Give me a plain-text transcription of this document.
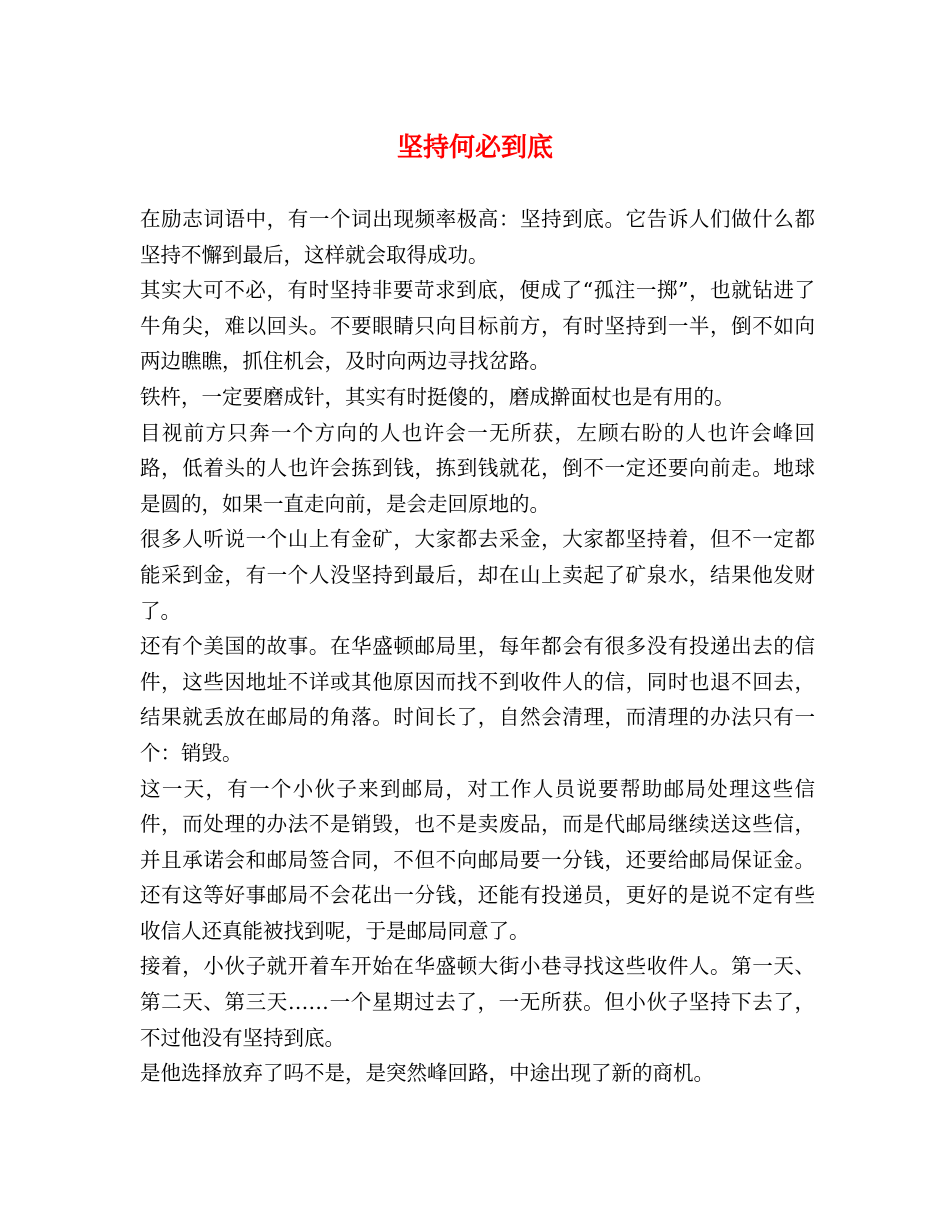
坚持何必到底

在励志词语中，有一个词出现频率极高：坚持到底。它告诉人们做什么都坚持不懈到最后，这样就会取得成功。

其实大可不必，有时坚持非要苛求到底，便成了“孤注一掷”，也就钻进了牛角尖，难以回头。不要眼睛只向目标前方，有时坚持到一半，倒不如向两边瞧瞧，抓住机会，及时向两边寻找岔路。

铁杵，一定要磨成针，其实有时挺傻的，磨成擀面杖也是有用的。

目视前方只奔一个方向的人也许会一无所获，左顾右盼的人也许会峰回路，低着头的人也许会拣到钱，拣到钱就花，倒不一定还要向前走。地球是圆的，如果一直走向前，是会走回原地的。

很多人听说一个山上有金矿，大家都去采金，大家都坚持着，但不一定都能采到金，有一个人没坚持到最后，却在山上卖起了矿泉水，结果他发财了。

还有个美国的故事。在华盛顿邮局里，每年都会有很多没有投递出去的信件，这些因地址不详或其他原因而找不到收件人的信，同时也退不回去，结果就丢放在邮局的角落。时间长了，自然会清理，而清理的办法只有一个：销毁。

这一天，有一个小伙子来到邮局，对工作人员说要帮助邮局处理这些信件，而处理的办法不是销毁，也不是卖废品，而是代邮局继续送这些信，并且承诺会和邮局签合同，不但不向邮局要一分钱，还要给邮局保证金。还有这等好事邮局不会花出一分钱，还能有投递员，更好的是说不定有些收信人还真能被找到呢，于是邮局同意了。

接着，小伙子就开着车开始在华盛顿大街小巷寻找这些收件人。第一天、第二天、第三天……一个星期过去了，一无所获。但小伙子坚持下去了，不过他没有坚持到底。

是他选择放弃了吗不是，是突然峰回路，中途出现了新的商机。
